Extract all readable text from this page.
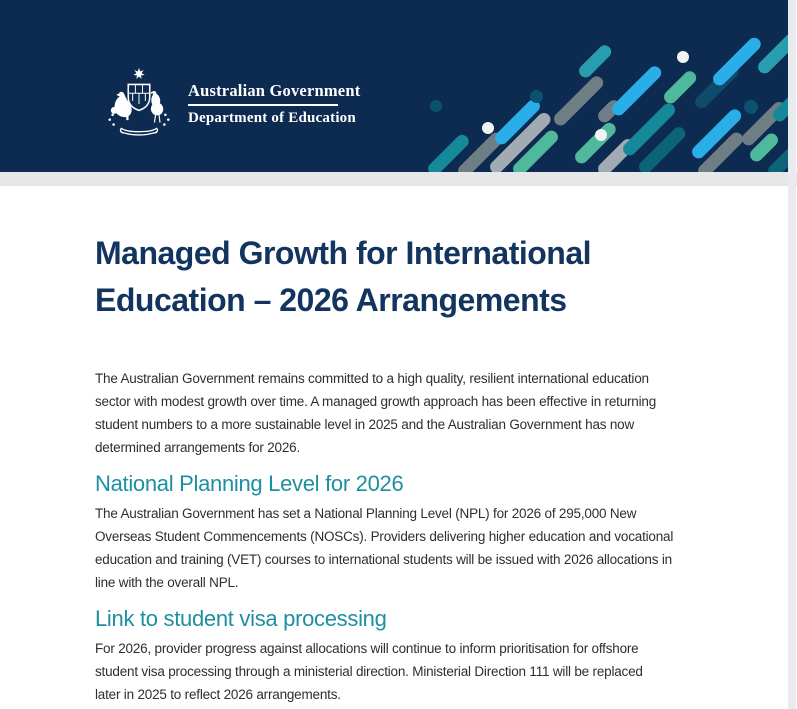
Australian Government
Department of Education
Managed Growth for International
Education – 2026 Arrangements
The Australian Government remains committed to a high quality, resilient international education
sector with modest growth over time. A managed growth approach has been effective in returning
student numbers to a more sustainable level in 2025 and the Australian Government has now
determined arrangements for 2026.
National Planning Level for 2026
The Australian Government has set a National Planning Level (NPL) for 2026 of 295,000 New
Overseas Student Commencements (NOSCs). Providers delivering higher education and vocational
education and training (VET) courses to international students will be issued with 2026 allocations in
line with the overall NPL.
Link to student visa processing
For 2026, provider progress against allocations will continue to inform prioritisation for offshore
student visa processing through a ministerial direction. Ministerial Direction 111 will be replaced
later in 2025 to reflect 2026 arrangements.
